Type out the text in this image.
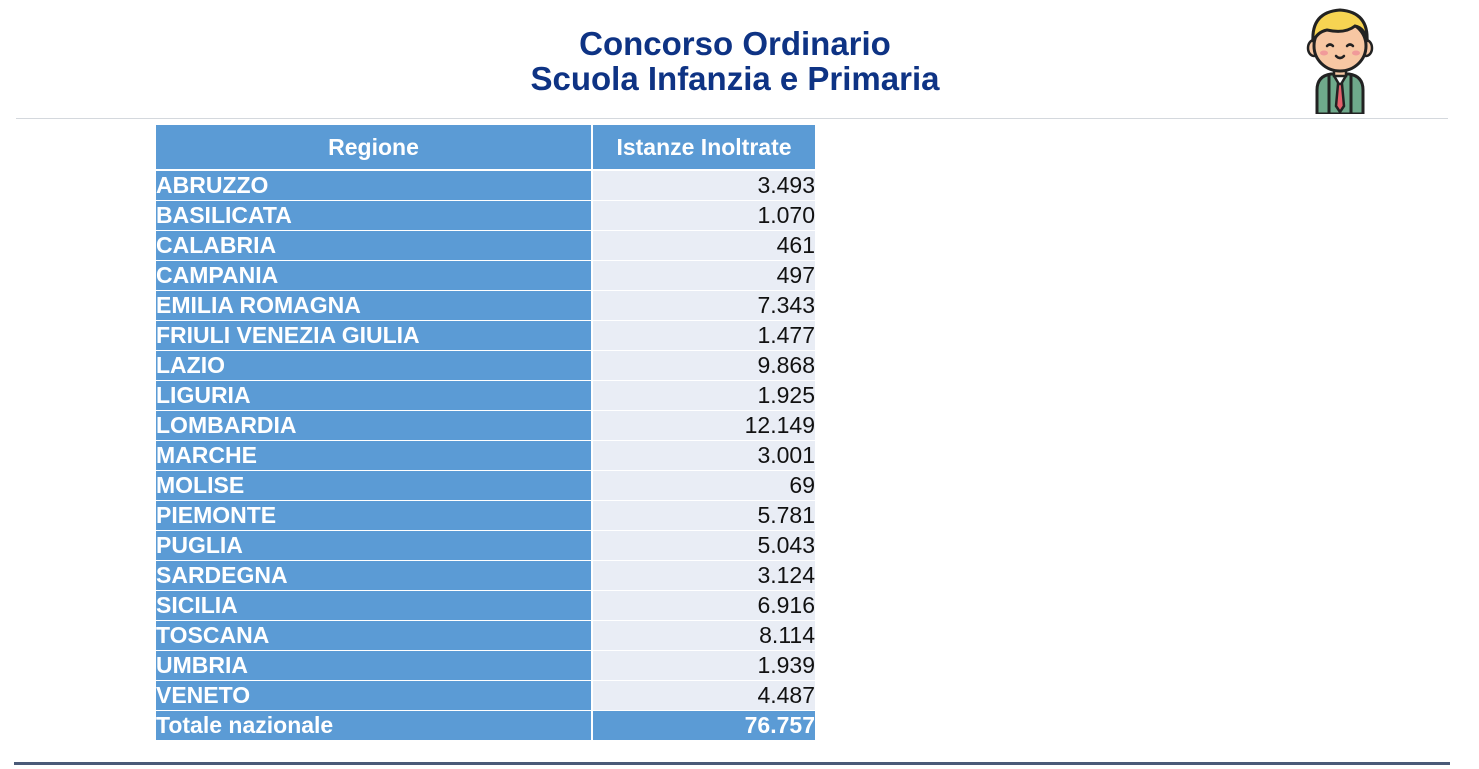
Concorso Ordinario
Scuola Infanzia e Primaria
Regione	Istanze Inoltrate
ABRUZZO	3.493
BASILICATA	1.070
CALABRIA	461
CAMPANIA	497
EMILIA ROMAGNA	7.343
FRIULI VENEZIA GIULIA	1.477
LAZIO	9.868
LIGURIA	1.925
LOMBARDIA	12.149
MARCHE	3.001
MOLISE	69
PIEMONTE	5.781
PUGLIA	5.043
SARDEGNA	3.124
SICILIA	6.916
TOSCANA	8.114
UMBRIA	1.939
VENETO	4.487
Totale nazionale	76.757
